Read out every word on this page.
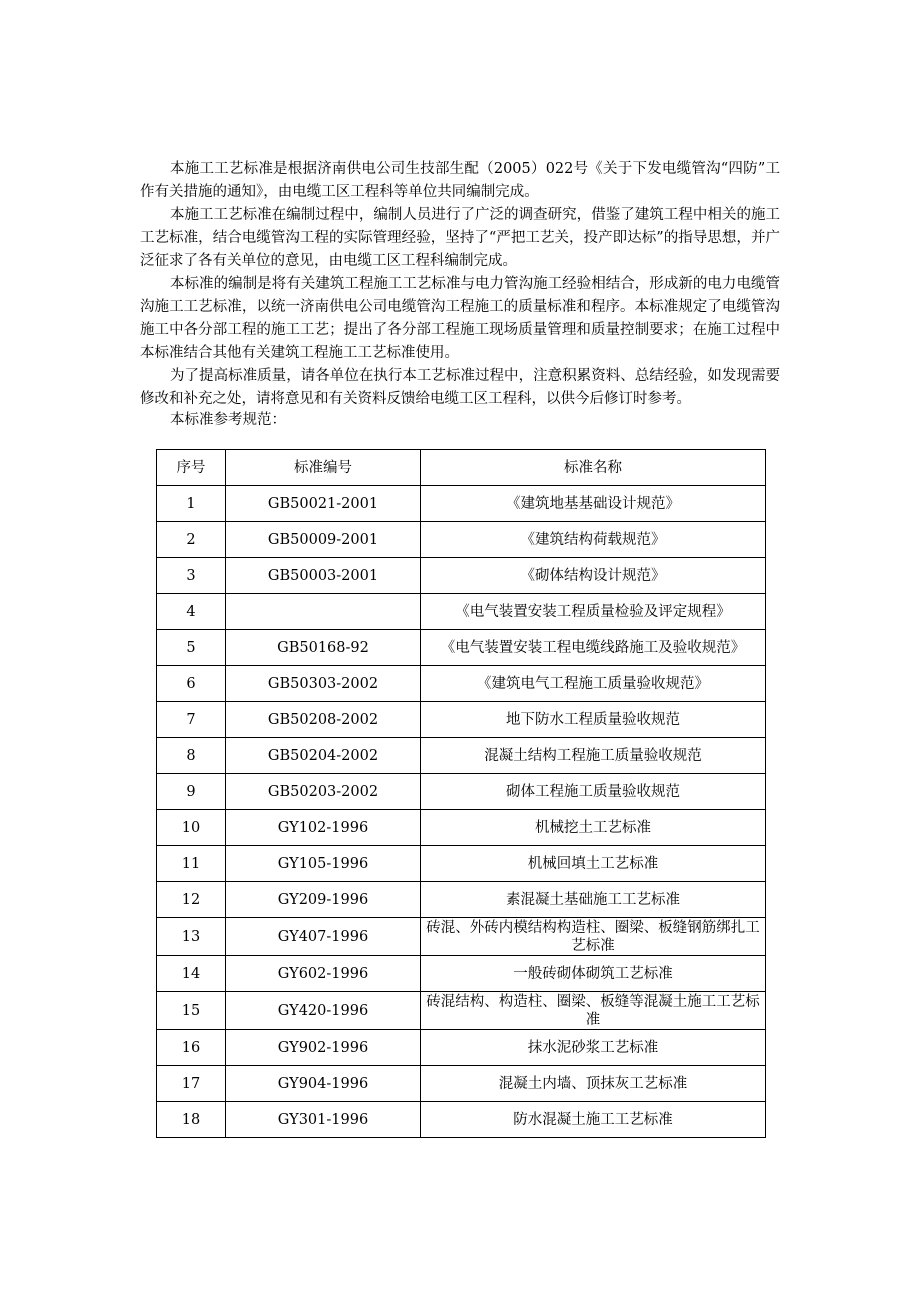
本施工工艺标准是根据济南供电公司生技部生配（2005）022号《关于下发电缆管沟“四防”工作有关措施的通知》，由电缆工区工程科等单位共同编制完成。

本施工工艺标准在编制过程中，编制人员进行了广泛的调查研究，借鉴了建筑工程中相关的施工工艺标准，结合电缆管沟工程的实际管理经验，坚持了“严把工艺关，投产即达标”的指导思想，并广泛征求了各有关单位的意见，由电缆工区工程科编制完成。

本标准的编制是将有关建筑工程施工工艺标准与电力管沟施工经验相结合，形成新的电力电缆管沟施工工艺标准，以统一济南供电公司电缆管沟工程施工的质量标准和程序。本标准规定了电缆管沟施工中各分部工程的施工工艺；提出了各分部工程施工现场质量管理和质量控制要求；在施工过程中本标准结合其他有关建筑工程施工工艺标准使用。

为了提高标准质量，请各单位在执行本工艺标准过程中，注意积累资料、总结经验，如发现需要修改和补充之处，请将意见和有关资料反馈给电缆工区工程科，以供今后修订时参考。

本标准参考规范：

序号	标准编号	标准名称
1	GB50021-2001	《建筑地基基础设计规范》
2	GB50009-2001	《建筑结构荷载规范》
3	GB50003-2001	《砌体结构设计规范》
4		《电气装置安装工程质量检验及评定规程》
5	GB50168-92	《电气装置安装工程电缆线路施工及验收规范》
6	GB50303-2002	《建筑电气工程施工质量验收规范》
7	GB50208-2002	地下防水工程质量验收规范
8	GB50204-2002	混凝土结构工程施工质量验收规范
9	GB50203-2002	砌体工程施工质量验收规范
10	GY102-1996	机械挖土工艺标准
11	GY105-1996	机械回填土工艺标准
12	GY209-1996	素混凝土基础施工工艺标准
13	GY407-1996	砖混、外砖内模结构构造柱、圈梁、板缝钢筋绑扎工艺标准
14	GY602-1996	一般砖砌体砌筑工艺标准
15	GY420-1996	砖混结构、构造柱、圈梁、板缝等混凝土施工工艺标准
16	GY902-1996	抹水泥砂浆工艺标准
17	GY904-1996	混凝土内墙、顶抹灰工艺标准
18	GY301-1996	防水混凝土施工工艺标准
